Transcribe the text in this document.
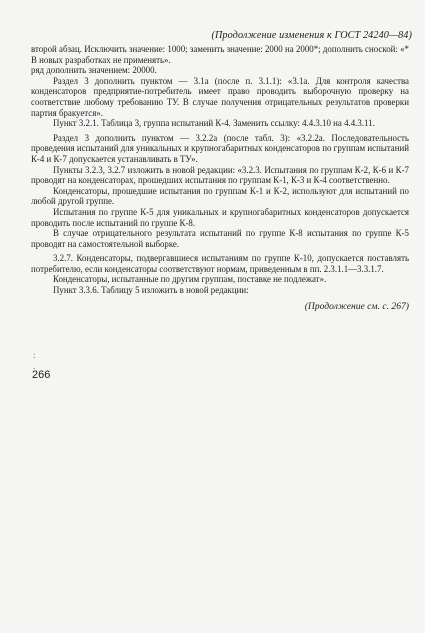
(Продолжение изменения к ГОСТ 24240—84)

второй абзац. Исключить значение: 1000; заменить значение: 2000 на 2000*; дополнить сноской: «* В новых разработках не применять».

ряд дополнить значением: 20000.

Раздел 3 дополнить пунктом — 3.1а (после п. 3.1.1): «3.1а. Для контроля качества конденсаторов предприятие-потребитель имеет право проводить выборочную проверку на соответствие любому требованию ТУ. В случае получения отрицательных результатов проверки партия бракуется».

Пункт 3.2.1. Таблица 3, группа испытаний К-4. Заменить ссылку: 4.4.3.10 на 4.4.3.11.

Раздел 3 дополнить пунктом — 3.2.2а (после табл. 3): «3.2.2а. Последовательность проведения испытаний для уникальных и крупногабаритных конденсаторов по группам испытаний К-4 и К-7 допускается устанавливать в ТУ».

Пункты 3.2.3, 3.2.7 изложить в новой редакции: «3.2.3. Испытания по группам К-2, К-6 и К-7 проводят на конденсаторах, прошедших испытания по группам К-1, К-3 и К-4 соответственно.

Конденсаторы, прошедшие испытания по группам К-1 и К-2, используют для испытаний по любой другой группе.

Испытания по группе К-5 для уникальных и крупногабаритных конденсаторов допускается проводить после испытаний по группе К-8.

В случае отрицательного результата испытаний по группе К-8 испытания по группе К-5 проводят на самостоятельной выборке.

3.2.7. Конденсаторы, подвергавшиеся испытаниям по группе К-10, допускается поставлять потребителю, если конденсаторы соответствуют нормам, приведенным в пп. 2.3.1.1—3.3.1.7.

Конденсаторы, испытанные по другим группам, поставке не подлежат».

Пункт 3.3.6. Таблицу 5 изложить в новой редакции:

(Продолжение см. с. 267)
:
.
266
